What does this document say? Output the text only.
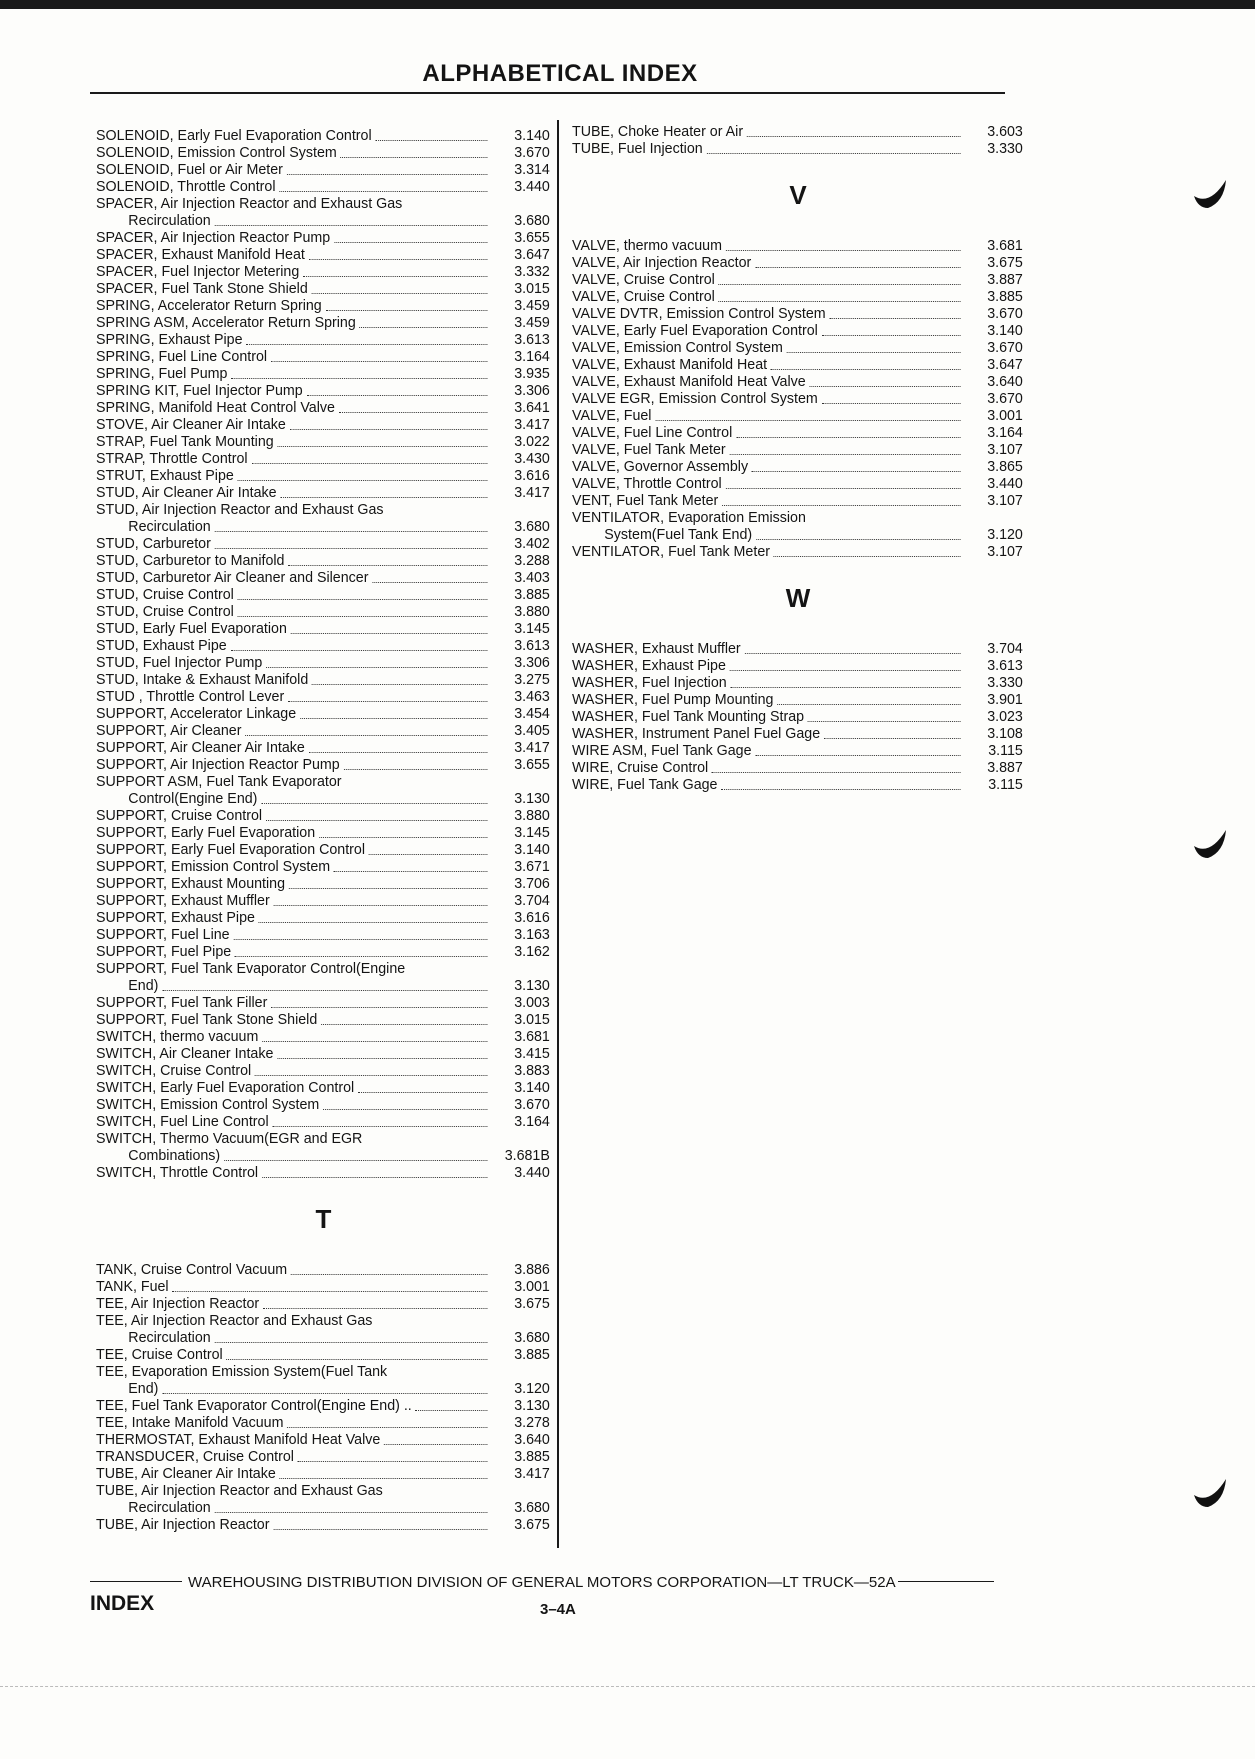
ALPHABETICAL INDEX
SOLENOID, Early Fuel Evaporation Control	3.140
SOLENOID, Emission Control System	3.670
SOLENOID, Fuel or Air Meter	3.314
SOLENOID, Throttle Control	3.440
SPACER, Air Injection Reactor and Exhaust Gas
Recirculation	3.680
SPACER, Air Injection Reactor Pump	3.655
SPACER, Exhaust Manifold Heat	3.647
SPACER, Fuel Injector Metering	3.332
SPACER, Fuel Tank Stone Shield	3.015
SPRING, Accelerator Return Spring	3.459
SPRING ASM, Accelerator Return Spring	3.459
SPRING, Exhaust Pipe	3.613
SPRING, Fuel Line Control	3.164
SPRING, Fuel Pump	3.935
SPRING KIT, Fuel Injector Pump	3.306
SPRING, Manifold Heat Control Valve	3.641
STOVE, Air Cleaner Air Intake	3.417
STRAP, Fuel Tank Mounting	3.022
STRAP, Throttle Control	3.430
STRUT, Exhaust Pipe	3.616
STUD, Air Cleaner Air Intake	3.417
STUD, Air Injection Reactor and Exhaust Gas
Recirculation	3.680
STUD, Carburetor	3.402
STUD, Carburetor to Manifold	3.288
STUD, Carburetor Air Cleaner and Silencer	3.403
STUD, Cruise Control	3.885
STUD, Cruise Control	3.880
STUD, Early Fuel Evaporation	3.145
STUD, Exhaust Pipe	3.613
STUD, Fuel Injector Pump	3.306
STUD, Intake & Exhaust Manifold	3.275
STUD , Throttle Control Lever	3.463
SUPPORT, Accelerator Linkage	3.454
SUPPORT, Air Cleaner	3.405
SUPPORT, Air Cleaner Air Intake	3.417
SUPPORT, Air Injection Reactor Pump	3.655
SUPPORT ASM, Fuel Tank Evaporator
Control(Engine End)	3.130
SUPPORT, Cruise Control	3.880
SUPPORT, Early Fuel Evaporation	3.145
SUPPORT, Early Fuel Evaporation Control	3.140
SUPPORT, Emission Control System	3.671
SUPPORT, Exhaust Mounting	3.706
SUPPORT, Exhaust Muffler	3.704
SUPPORT, Exhaust Pipe	3.616
SUPPORT, Fuel Line	3.163
SUPPORT, Fuel Pipe	3.162
SUPPORT, Fuel Tank Evaporator Control(Engine
End)	3.130
SUPPORT, Fuel Tank Filler	3.003
SUPPORT, Fuel Tank Stone Shield	3.015
SWITCH, thermo vacuum	3.681
SWITCH, Air Cleaner Intake	3.415
SWITCH, Cruise Control	3.883
SWITCH, Early Fuel Evaporation Control	3.140
SWITCH, Emission Control System	3.670
SWITCH, Fuel Line Control	3.164
SWITCH, Thermo Vacuum(EGR and EGR
Combinations)	3.681B
SWITCH, Throttle Control	3.440
T
TANK, Cruise Control Vacuum	3.886
TANK, Fuel	3.001
TEE, Air Injection Reactor	3.675
TEE, Air Injection Reactor and Exhaust Gas
Recirculation	3.680
TEE, Cruise Control	3.885
TEE, Evaporation Emission System(Fuel Tank
End)	3.120
TEE, Fuel Tank Evaporator Control(Engine End) ..	3.130
TEE, Intake Manifold Vacuum	3.278
THERMOSTAT, Exhaust Manifold Heat Valve	3.640
TRANSDUCER, Cruise Control	3.885
TUBE, Air Cleaner Air Intake	3.417
TUBE, Air Injection Reactor and Exhaust Gas
Recirculation	3.680
TUBE, Air Injection Reactor	3.675
TUBE, Choke Heater or Air	3.603
TUBE, Fuel Injection	3.330
V
VALVE, thermo vacuum	3.681
VALVE, Air Injection Reactor	3.675
VALVE, Cruise Control	3.887
VALVE, Cruise Control	3.885
VALVE DVTR, Emission Control System	3.670
VALVE, Early Fuel Evaporation Control	3.140
VALVE, Emission Control System	3.670
VALVE, Exhaust Manifold Heat	3.647
VALVE, Exhaust Manifold Heat Valve	3.640
VALVE EGR, Emission Control System	3.670
VALVE, Fuel	3.001
VALVE, Fuel Line Control	3.164
VALVE, Fuel Tank Meter	3.107
VALVE, Governor Assembly	3.865
VALVE, Throttle Control	3.440
VENT, Fuel Tank Meter	3.107
VENTILATOR, Evaporation Emission
System(Fuel Tank End)	3.120
VENTILATOR, Fuel Tank Meter	3.107
W
WASHER, Exhaust Muffler	3.704
WASHER, Exhaust Pipe	3.613
WASHER, Fuel Injection	3.330
WASHER, Fuel Pump Mounting	3.901
WASHER, Fuel Tank Mounting Strap	3.023
WASHER, Instrument Panel Fuel Gage	3.108
WIRE ASM, Fuel Tank Gage	3.115
WIRE, Cruise Control	3.887
WIRE, Fuel Tank Gage	3.115
WAREHOUSING DISTRIBUTION DIVISION OF GENERAL MOTORS CORPORATION—LT TRUCK—52A
INDEX	3–4A
